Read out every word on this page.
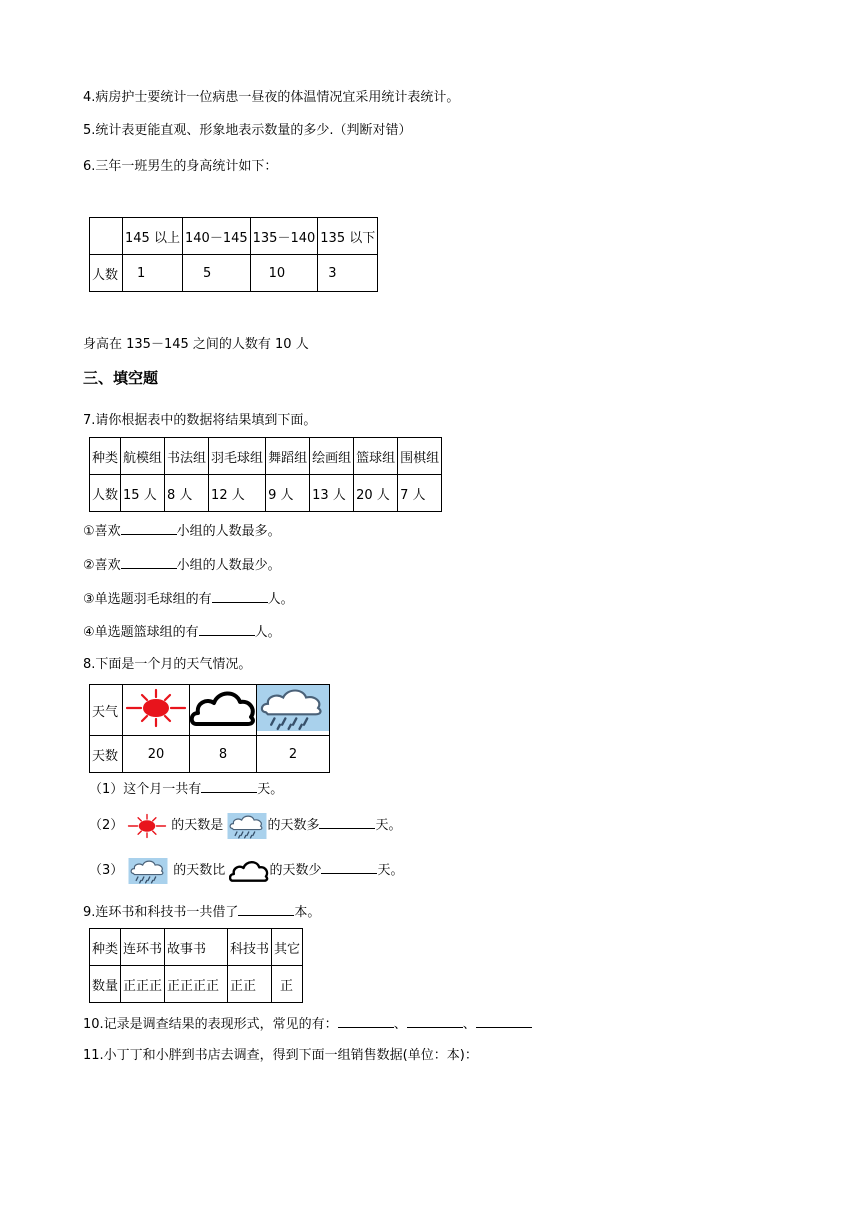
4.病房护士要统计一位病患一昼夜的体温情况宜采用统计表统计。
5.统计表更能直观、形象地表示数量的多少.（判断对错）
6.三年一班男生的身高统计如下：
	145 以上	140－145	135－140	135 以下
人数	1	5	10	3
身高在 135－145 之间的人数有 10 人
三、填空题
7.请你根据表中的数据将结果填到下面。
种类	航模组	书法组	羽毛球组	舞蹈组	绘画组	篮球组	围棋组
人数	15 人	8 人	12 人	9 人	13 人	20 人	7 人
①喜欢	小组的人数最多。
②喜欢	小组的人数最少。
③单选题羽毛球组的有	人。
④单选题篮球组的有	人。
8.下面是一个月的天气情况。
天气			
天数	20	8	2
（1）这个月一共有	天。
（2）	的天数是	的天数多	天。
（3）	的天数比	的天数少	天。
9.连环书和科技书一共借了	本。
种类	连环书	故事书	科技书	其它
数量	正正正	正正正正	正正	正
10.记录是调查结果的表现形式，常见的有：	、	、
11.小丁丁和小胖到书店去调查，得到下面一组销售数据(单位：本)：
